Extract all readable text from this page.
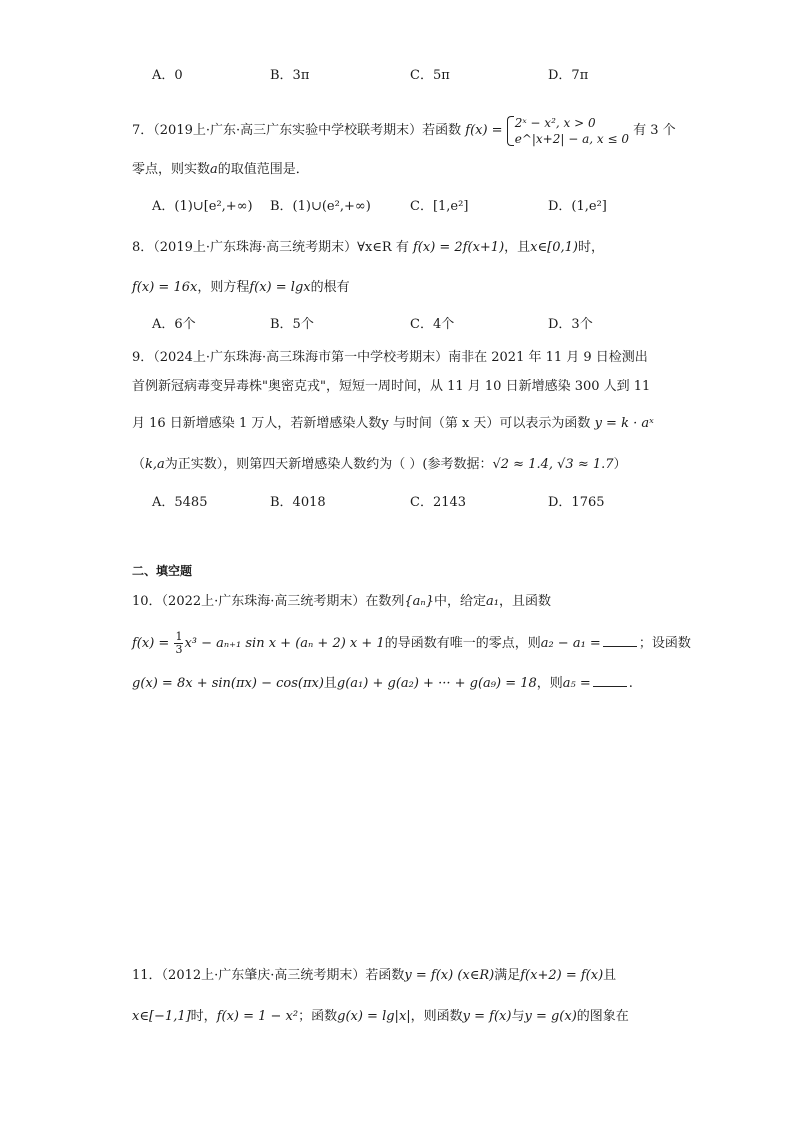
A．0	B．3π	C．5π	D．7π
7．（2019上·广东·高三广东实验中学校联考期末）若函数 f(x) =
2ˣ − x², x > 0
e^|x+2| − a, x ≤ 0
有 3 个
零点，则实数a的取值范围是．
A．(1)∪[e²,+∞) B．(1)∪(e²,+∞)	C．[1,e²]	D．(1,e²]
8．（2019上·广东珠海·高三统考期末）∀x∈R 有 f(x) = 2f(x+1)，且x∈[0,1)时，
f(x) = 16x，则方程f(x) = lgx的根有
A．6个	B．5个	C．4个	D．3个
9．（2024上·广东珠海·高三珠海市第一中学校考期末）南非在 2021 年 11 月 9 日检测出
首例新冠病毒变异毒株"奥密克戎"，短短一周时间，从 11 月 10 日新增感染 300 人到 11
月 16 日新增感染 1 万人，若新增感染人数y 与时间（第 x 天）可以表示为函数 y = k · aˣ
（k,a为正实数），则第四天新增感染人数约为（ ）(参考数据：√2 ≈ 1.4, √3 ≈ 1.7）
A．5485	B．4018	C．2143	D．1765
二、填空题
10．（2022上·广东珠海·高三统考期末）在数列{aₙ}中，给定a₁，且函数
$f(x) = \frac{1}{3} x^3 - a_{n+1}$ sin x + (aₙ + 2) x + 1的导函数有唯一的零点，则a₂ − a₁ =	；设函数
g(x) = 8x + sin(πx) − cos(πx)且g(a₁) + g(a₂) + ··· + g(a₉) = 18，则a₅ =	.
11．（2012上·广东肇庆·高三统考期末）若函数y = f(x) (x∈R)满足f(x+2) = f(x)且
x∈[−1,1]时，f(x) = 1 − x²；函数g(x) = lg|x|，则函数y = f(x)与y = g(x)的图象在
